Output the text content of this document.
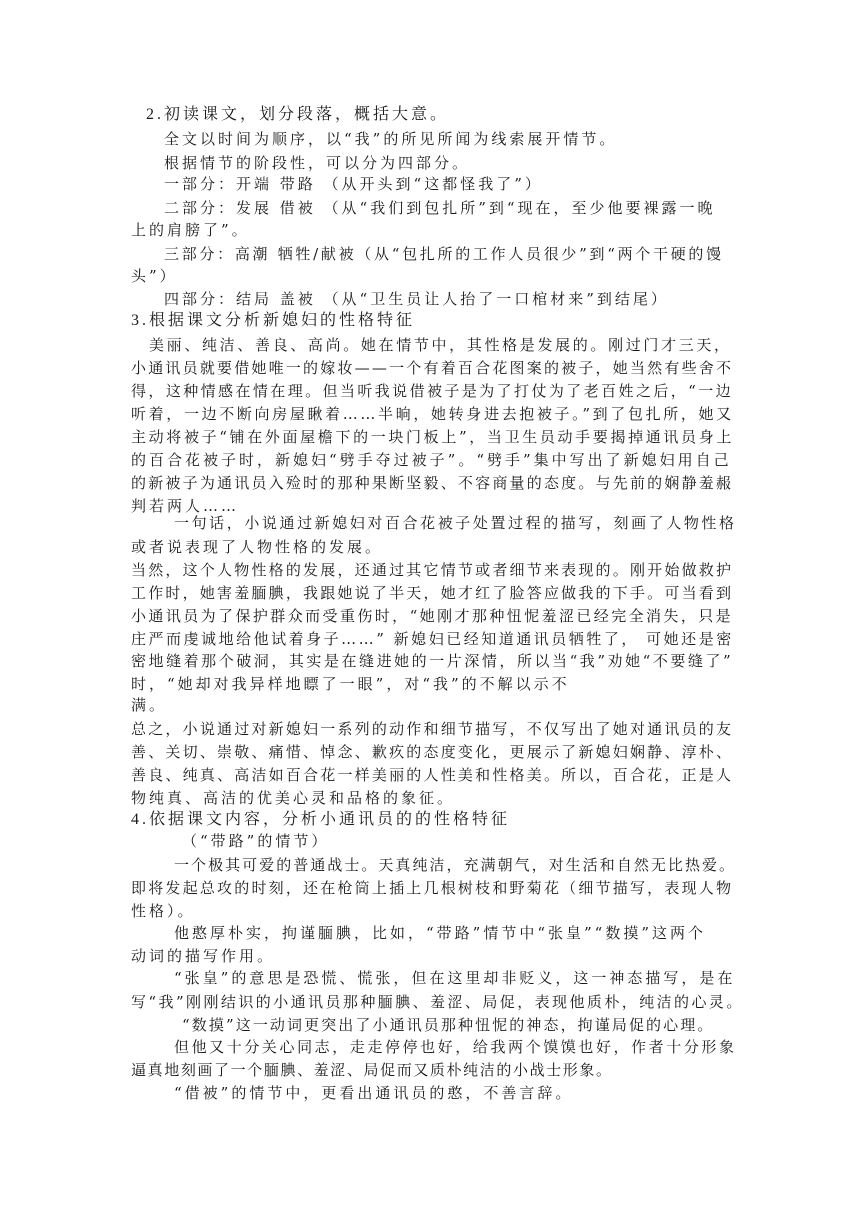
2.初读课文，划分段落，概括大意。
全文以时间为顺序，以“我”的所见所闻为线索展开情节。
根据情节的阶段性，可以分为四部分。
一部分：开端 带路 （从开头到“这都怪我了”）
二部分：发展 借被 （从“我们到包扎所”到“现在，至少他要裸露一晚
上的肩膀了”。
三部分：高潮 牺牲/献被（从“包扎所的工作人员很少”到“两个干硬的馒
头”）
四部分：结局 盖被 （从“卫生员让人抬了一口棺材来”到结尾）
3.根据课文分析新媳妇的性格特征
美丽、纯洁、善良、高尚。她在情节中，其性格是发展的。刚过门才三天，
小通讯员就要借她唯一的嫁妆——一个有着百合花图案的被子，她当然有些舍不
得，这种情感在情在理。但当听我说借被子是为了打仗为了老百姓之后，“一边
听着，一边不断向房屋瞅着……半晌，她转身进去抱被子。”到了包扎所，她又
主动将被子“铺在外面屋檐下的一块门板上”，当卫生员动手要揭掉通讯员身上
的百合花被子时，新媳妇“劈手夺过被子”。“劈手”集中写出了新媳妇用自己
的新被子为通讯员入殓时的那种果断坚毅、不容商量的态度。与先前的娴静羞赧
判若两人……
一句话，小说通过新媳妇对百合花被子处置过程的描写，刻画了人物性格
或者说表现了人物性格的发展。
当然，这个人物性格的发展，还通过其它情节或者细节来表现的。刚开始做救护
工作时，她害羞腼腆，我跟她说了半天，她才红了脸答应做我的下手。可当看到
小通讯员为了保护群众而受重伤时，“她刚才那种忸怩羞涩已经完全消失，只是
庄严而虔诚地给他试着身子……” 新媳妇已经知道通讯员牺牲了， 可她还是密
密地缝着那个破洞，其实是在缝进她的一片深情，所以当“我”劝她“不要缝了”
时，“她却对我异样地瞟了一眼”，对“我”的不解以示不
满。
总之，小说通过对新媳妇一系列的动作和细节描写，不仅写出了她对通讯员的友
善、关切、崇敬、痛惜、悼念、歉疚的态度变化，更展示了新媳妇娴静、淳朴、
善良、纯真、高洁如百合花一样美丽的人性美和性格美。所以，百合花，正是人
物纯真、高洁的优美心灵和品格的象征。
4.依据课文内容，分析小通讯员的的性格特征
（“带路”的情节）
一个极其可爱的普通战士。天真纯洁，充满朝气，对生活和自然无比热爱。
即将发起总攻的时刻，还在枪筒上插上几根树枝和野菊花（细节描写，表现人物
性格）。
他憨厚朴实，拘谨腼腆，比如，“带路”情节中“张皇”“数摸”这两个
动词的描写作用。
“张皇”的意思是恐慌、慌张，但在这里却非贬义，这一神态描写，是在
写“我”刚刚结识的小通讯员那种腼腆、羞涩、局促，表现他质朴，纯洁的心灵。
“数摸”这一动词更突出了小通讯员那种忸怩的神态，拘谨局促的心理。
但他又十分关心同志，走走停停也好，给我两个馍馍也好，作者十分形象
逼真地刻画了一个腼腆、羞涩、局促而又质朴纯洁的小战士形象。
“借被”的情节中，更看出通讯员的憨，不善言辞。
